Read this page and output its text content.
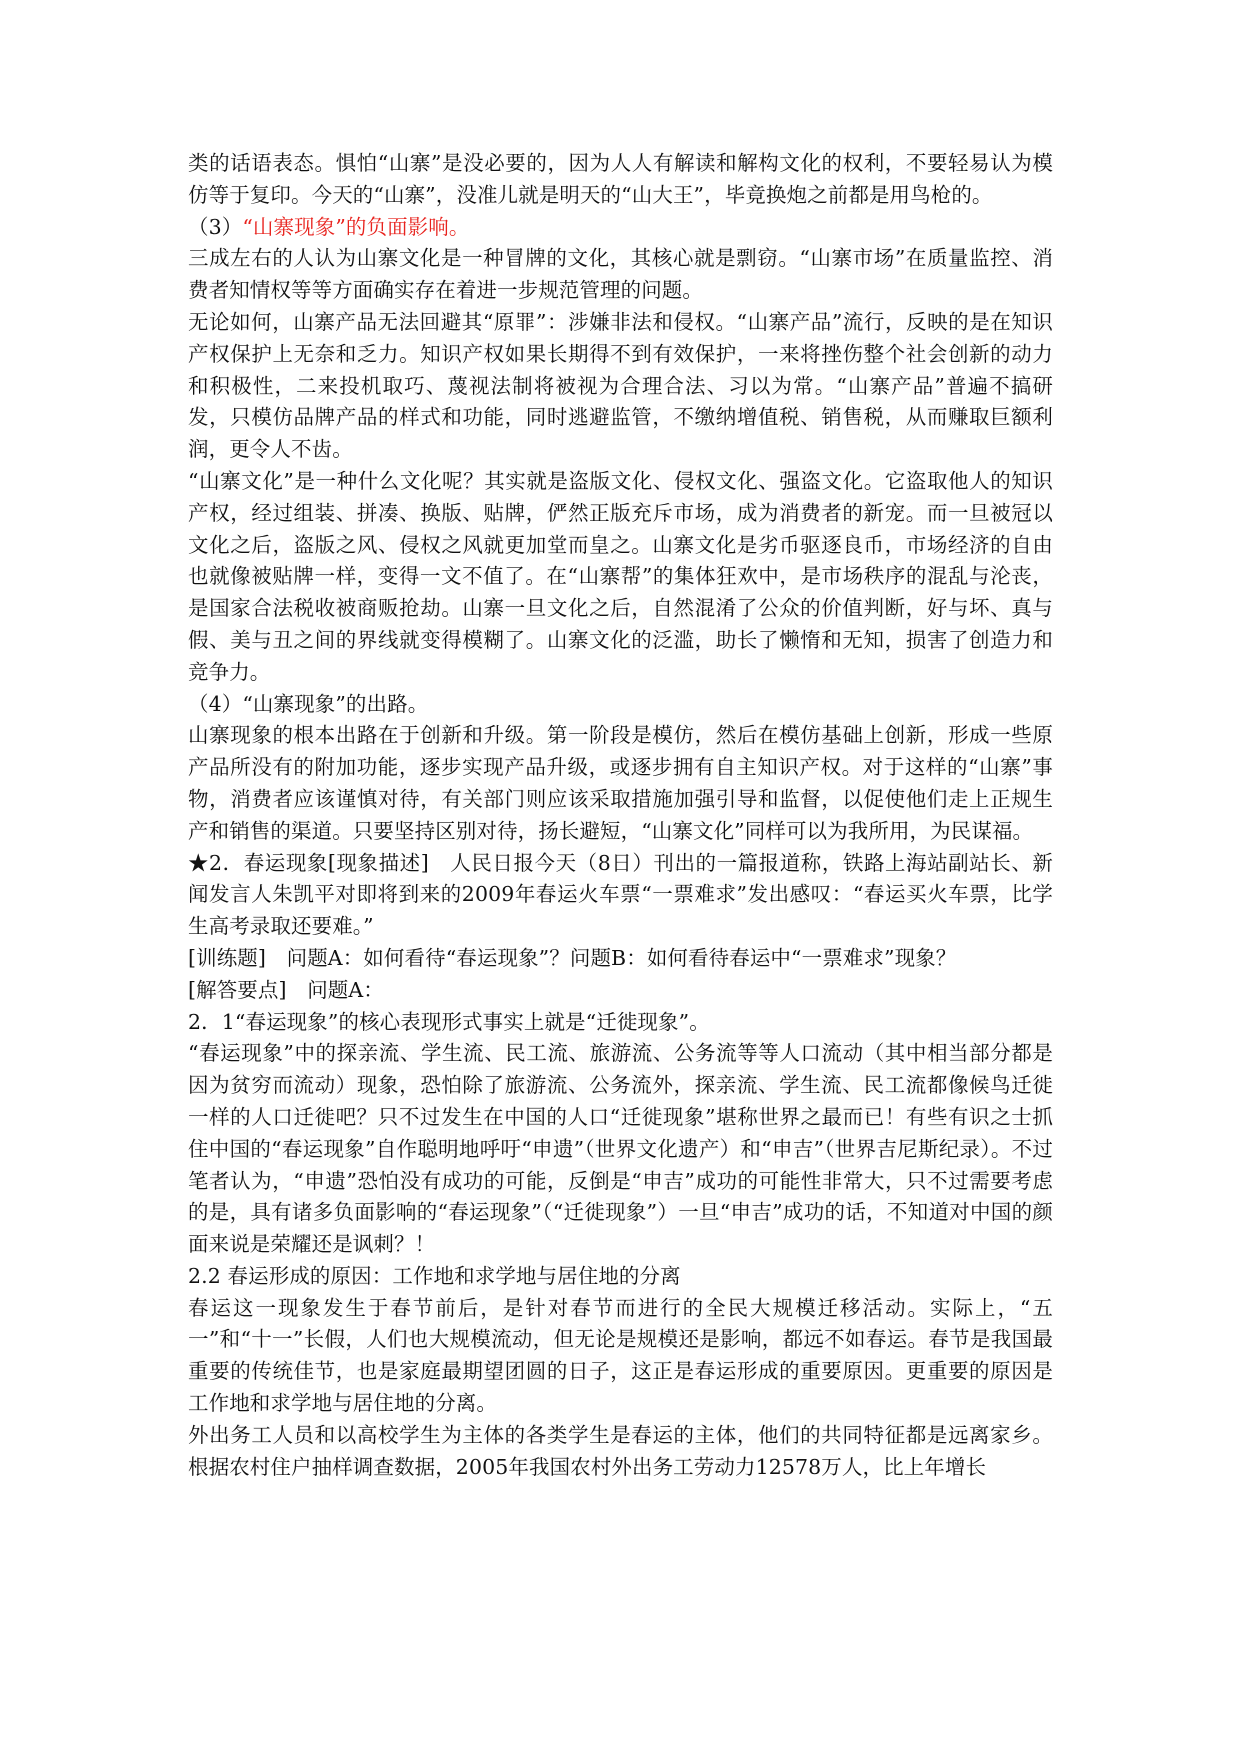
类的话语表态。惧怕“山寨”是没必要的，因为人人有解读和解构文化的权利，不要轻易认为模仿等于复印。今天的“山寨”，没准儿就是明天的“山大王”，毕竟换炮之前都是用鸟枪的。

（3）“山寨现象”的负面影响。

三成左右的人认为山寨文化是一种冒牌的文化，其核心就是剽窃。“山寨市场”在质量监控、消费者知情权等等方面确实存在着进一步规范管理的问题。

无论如何，山寨产品无法回避其“原罪”：涉嫌非法和侵权。“山寨产品”流行，反映的是在知识产权保护上无奈和乏力。知识产权如果长期得不到有效保护，一来将挫伤整个社会创新的动力和积极性，二来投机取巧、蔑视法制将被视为合理合法、习以为常。“山寨产品”普遍不搞研发，只模仿品牌产品的样式和功能，同时逃避监管，不缴纳增值税、销售税，从而赚取巨额利润，更令人不齿。

“山寨文化”是一种什么文化呢？其实就是盗版文化、侵权文化、强盗文化。它盗取他人的知识产权，经过组装、拼凑、换版、贴牌，俨然正版充斥市场，成为消费者的新宠。而一旦被冠以文化之后，盗版之风、侵权之风就更加堂而皇之。山寨文化是劣币驱逐良币，市场经济的自由也就像被贴牌一样，变得一文不值了。在“山寨帮”的集体狂欢中，是市场秩序的混乱与沦丧，是国家合法税收被商贩抢劫。山寨一旦文化之后，自然混淆了公众的价值判断，好与坏、真与假、美与丑之间的界线就变得模糊了。山寨文化的泛滥，助长了懒惰和无知，损害了创造力和竞争力。

（4）“山寨现象”的出路。

山寨现象的根本出路在于创新和升级。第一阶段是模仿，然后在模仿基础上创新，形成一些原产品所没有的附加功能，逐步实现产品升级，或逐步拥有自主知识产权。对于这样的“山寨”事物，消费者应该谨慎对待，有关部门则应该采取措施加强引导和监督，以促使他们走上正规生产和销售的渠道。只要坚持区别对待，扬长避短，“山寨文化”同样可以为我所用，为民谋福。

★2．春运现象[现象描述]　人民日报今天（8日）刊出的一篇报道称，铁路上海站副站长、新闻发言人朱凯平对即将到来的2009年春运火车票“一票难求”发出感叹：“春运买火车票，比学生高考录取还要难。”

[训练题]　问题A：如何看待“春运现象”？问题B：如何看待春运中“一票难求”现象？

[解答要点]　问题A：

2．1“春运现象”的核心表现形式事实上就是“迁徙现象”。

“春运现象”中的探亲流、学生流、民工流、旅游流、公务流等等人口流动（其中相当部分都是因为贫穷而流动）现象，恐怕除了旅游流、公务流外，探亲流、学生流、民工流都像候鸟迁徙一样的人口迁徙吧？只不过发生在中国的人口“迁徙现象”堪称世界之最而已！有些有识之士抓住中国的“春运现象”自作聪明地呼吁“申遗”（世界文化遗产）和“申吉”（世界吉尼斯纪录）。不过笔者认为，“申遗”恐怕没有成功的可能，反倒是“申吉”成功的可能性非常大，只不过需要考虑的是，具有诸多负面影响的“春运现象”（“迁徙现象”）一旦“申吉”成功的话，不知道对中国的颜面来说是荣耀还是讽刺？！

2.2 春运形成的原因：工作地和求学地与居住地的分离

春运这一现象发生于春节前后，是针对春节而进行的全民大规模迁移活动。实际上，“五一”和“十一”长假，人们也大规模流动，但无论是规模还是影响，都远不如春运。春节是我国最重要的传统佳节，也是家庭最期望团圆的日子，这正是春运形成的重要原因。更重要的原因是工作地和求学地与居住地的分离。

外出务工人员和以高校学生为主体的各类学生是春运的主体，他们的共同特征都是远离家乡。根据农村住户抽样调查数据，2005年我国农村外出务工劳动力12578万人，比上年增长
